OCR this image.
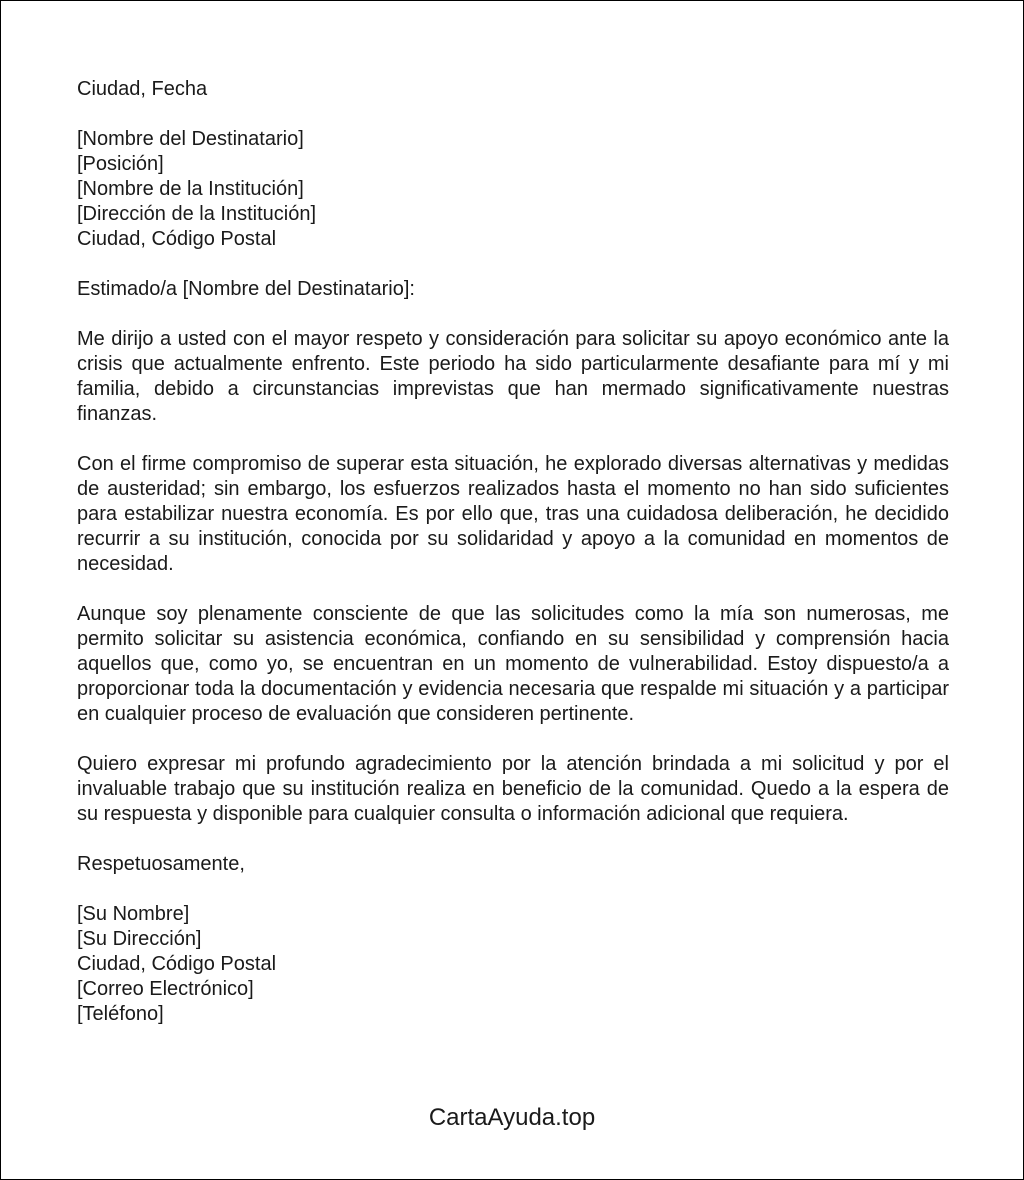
Ciudad, Fecha
[Nombre del Destinatario]
[Posición]
[Nombre de la Institución]
[Dirección de la Institución]
Ciudad, Código Postal
Estimado/a [Nombre del Destinatario]:

Me dirijo a usted con el mayor respeto y consideración para solicitar su apoyo económico ante la crisis que actualmente enfrento. Este periodo ha sido particularmente desafiante para mí y mi familia, debido a circunstancias imprevistas que han mermado significativamente nuestras finanzas.

Con el firme compromiso de superar esta situación, he explorado diversas alternativas y medidas de austeridad; sin embargo, los esfuerzos realizados hasta el momento no han sido suficientes para estabilizar nuestra economía. Es por ello que, tras una cuidadosa deliberación, he decidido recurrir a su institución, conocida por su solidaridad y apoyo a la comunidad en momentos de necesidad.

Aunque soy plenamente consciente de que las solicitudes como la mía son numerosas, me permito solicitar su asistencia económica, confiando en su sensibilidad y comprensión hacia aquellos que, como yo, se encuentran en un momento de vulnerabilidad. Estoy dispuesto/a a proporcionar toda la documentación y evidencia necesaria que respalde mi situación y a participar en cualquier proceso de evaluación que consideren pertinente.

Quiero expresar mi profundo agradecimiento por la atención brindada a mi solicitud y por el invaluable trabajo que su institución realiza en beneficio de la comunidad. Quedo a la espera de su respuesta y disponible para cualquier consulta o información adicional que requiera.

Respetuosamente,
[Su Nombre]
[Su Dirección]
Ciudad, Código Postal
[Correo Electrónico]
[Teléfono]
CartaAyuda.top
